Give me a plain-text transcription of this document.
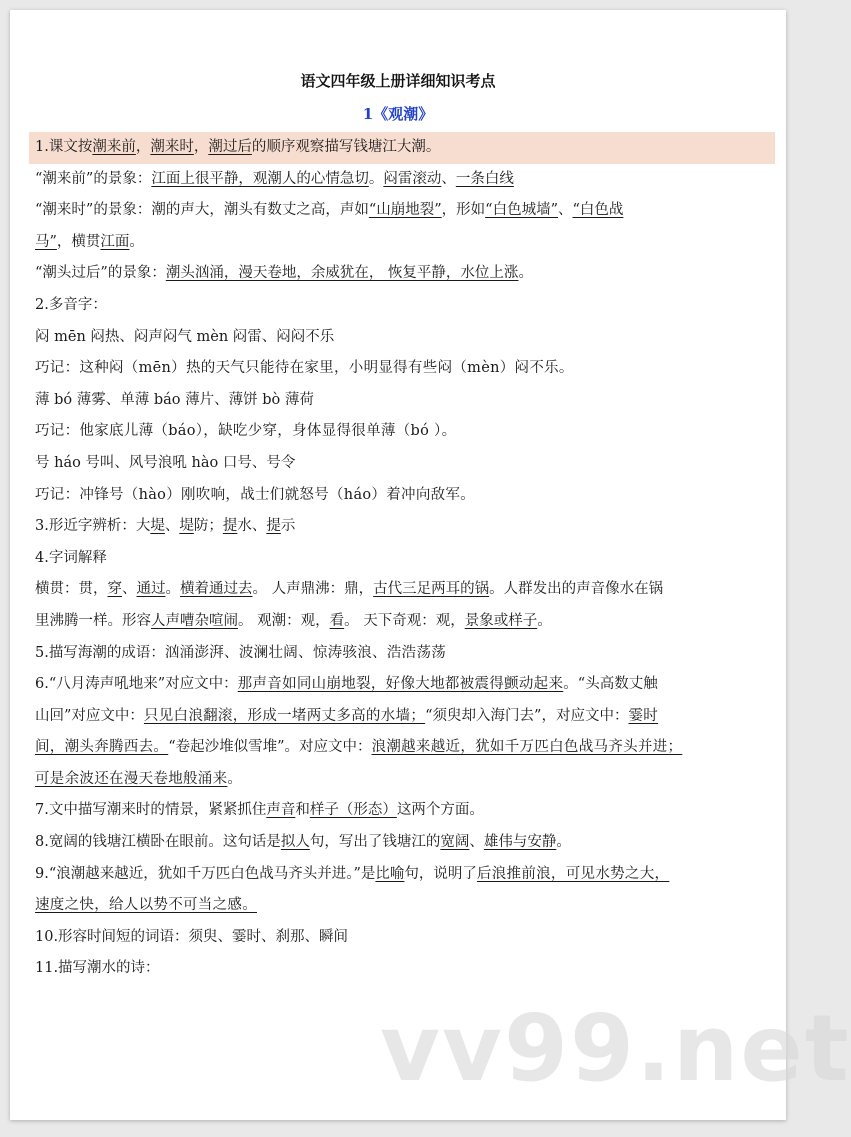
语文四年级上册详细知识考点
1《观潮》
1.课文按潮来前，潮来时，潮过后的顺序观察描写钱塘江大潮。
“潮来前”的景象：江面上很平静，观潮人的心情急切。闷雷滚动、一条白线
“潮来时”的景象：潮的声大，潮头有数丈之高，声如“山崩地裂”，形如“白色城墙”、“白色战
马”，横贯江面。
“潮头过后”的景象：潮头汹涌，漫天卷地，余威犹在， 恢复平静，水位上涨。
2.多音字：
闷 mēn 闷热、闷声闷气 mèn 闷雷、闷闷不乐
巧记：这种闷（mēn）热的天气只能待在家里，小明显得有些闷（mèn）闷不乐。
薄 bó 薄雾、单薄 báo 薄片、薄饼 bò 薄荷
巧记：他家底儿薄（báo），缺吃少穿，身体显得很单薄（bó ）。
号 háo 号叫、风号浪吼 hào 口号、号令
巧记：冲锋号（hào）刚吹响，战士们就怒号（háo）着冲向敌军。
3.形近字辨析：大堤、堤防；提水、提示
4.字词解释
横贯：贯，穿、通过。横着通过去。 人声鼎沸：鼎，古代三足两耳的锅。人群发出的声音像水在锅
里沸腾一样。形容人声嘈杂喧闹。 观潮：观，看。 天下奇观：观，景象或样子。
5.描写海潮的成语：汹涌澎湃、波澜壮阔、惊涛骇浪、浩浩荡荡
6.“八月涛声吼地来”对应文中：那声音如同山崩地裂，好像大地都被震得颤动起来。“头高数丈触
山回”对应文中：只见白浪翻滚，形成一堵两丈多高的水墙；“须臾却入海门去”，对应文中：霎时
间，潮头奔腾西去。“卷起沙堆似雪堆”。对应文中：浪潮越来越近，犹如千万匹白色战马齐头并进；
可是余波还在漫天卷地般涌来。
7.文中描写潮来时的情景，紧紧抓住声音和样子（形态）这两个方面。
8.宽阔的钱塘江横卧在眼前。这句话是拟人句，写出了钱塘江的宽阔、雄伟与安静。
9.“浪潮越来越近，犹如千万匹白色战马齐头并进。”是比喻句，说明了后浪推前浪，可见水势之大，
速度之快，给人以势不可当之感。
10.形容时间短的词语：须臾、霎时、刹那、瞬间
11.描写潮水的诗：
vv99.net
